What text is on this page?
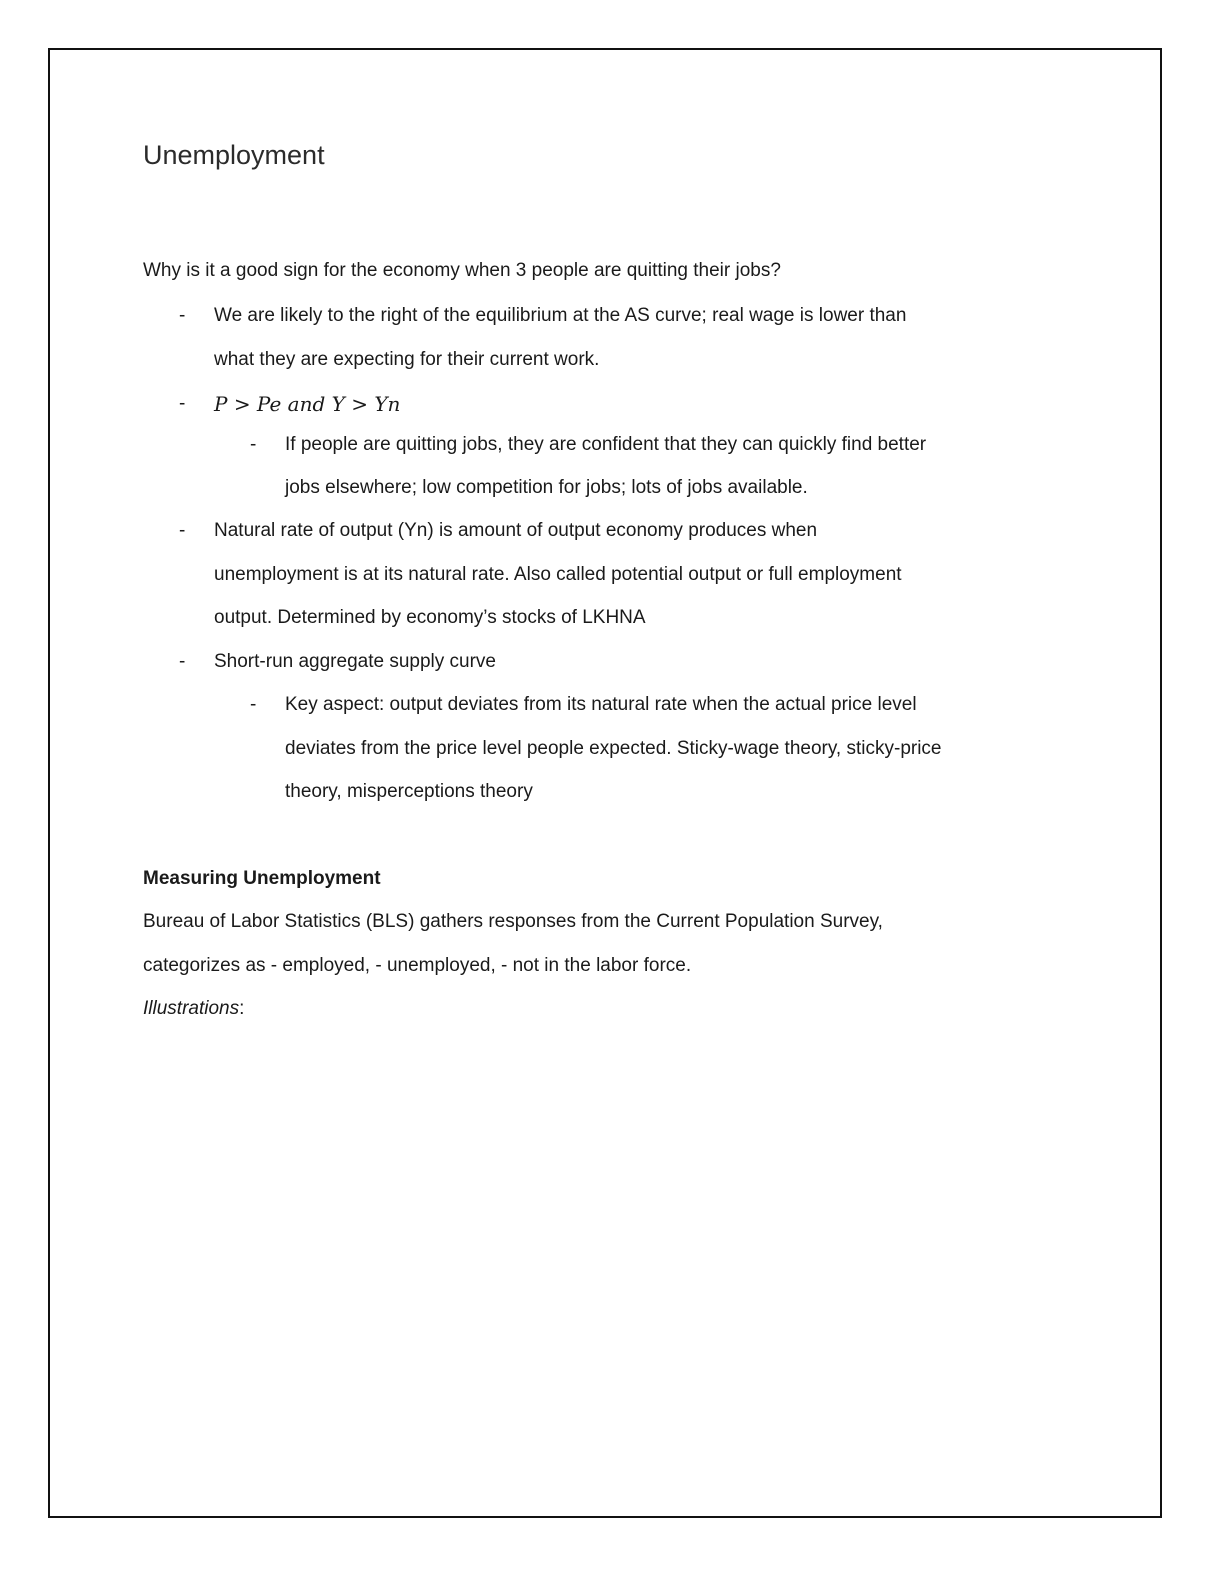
Unemployment
Why is it a good sign for the economy when 3 people are quitting their jobs?
- We are likely to the right of the equilibrium at the AS curve; real wage is lower than
what they are expecting for their current work.
- P > Pe and Y > Yn
- If people are quitting jobs, they are confident that they can quickly find better
jobs elsewhere; low competition for jobs; lots of jobs available.
- Natural rate of output (Yn) is amount of output economy produces when
unemployment is at its natural rate. Also called potential output or full employment
output. Determined by economy’s stocks of LKHNA
- Short-run aggregate supply curve
- Key aspect: output deviates from its natural rate when the actual price level
deviates from the price level people expected. Sticky-wage theory, sticky-price
theory, misperceptions theory
Measuring Unemployment
Bureau of Labor Statistics (BLS) gathers responses from the Current Population Survey,
categorizes as - employed, - unemployed, - not in the labor force.
Illustrations:
